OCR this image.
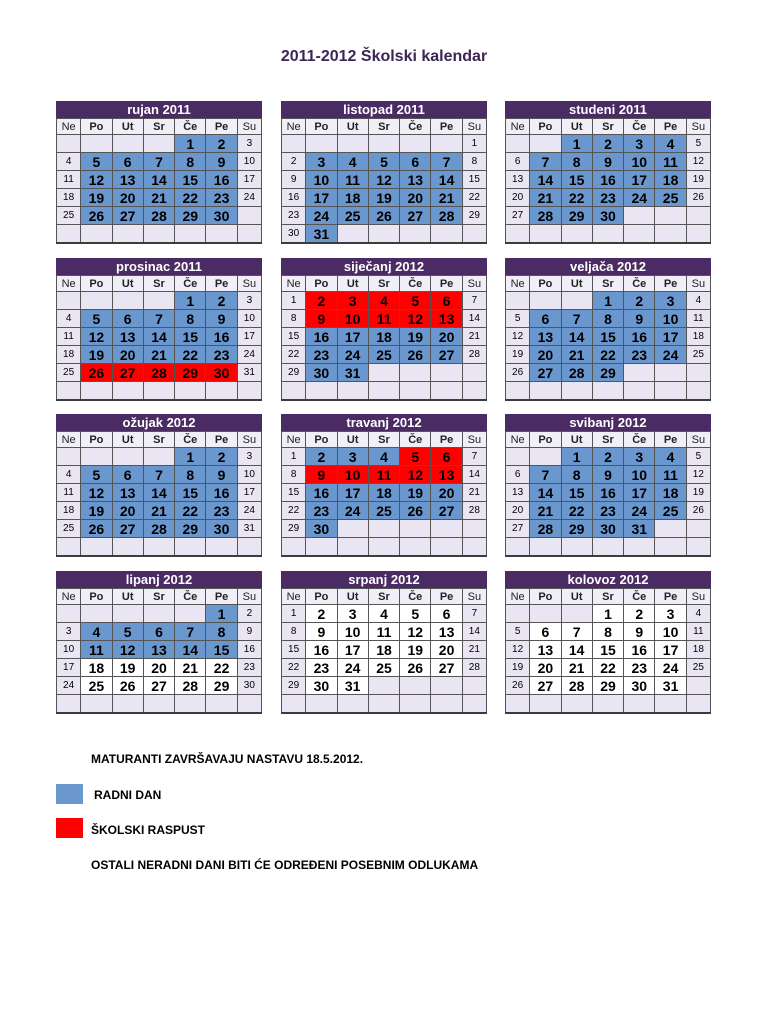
2011-2012 Školski kalendar
rujan 2011
Ne	Po	Ut	Sr	Če	Pe	Su
				1	2	3
4	5	6	7	8	9	10
11	12	13	14	15	16	17
18	19	20	21	22	23	24
25	26	27	28	29	30	

listopad 2011
Ne	Po	Ut	Sr	Če	Pe	Su
						1
2	3	4	5	6	7	8
9	10	11	12	13	14	15
16	17	18	19	20	21	22
23	24	25	26	27	28	29
30	31					
studeni 2011
Ne	Po	Ut	Sr	Če	Pe	Su
		1	2	3	4	5
6	7	8	9	10	11	12
13	14	15	16	17	18	19
20	21	22	23	24	25	26
27	28	29	30			

prosinac 2011
Ne	Po	Ut	Sr	Če	Pe	Su
				1	2	3
4	5	6	7	8	9	10
11	12	13	14	15	16	17
18	19	20	21	22	23	24
25	26	27	28	29	30	31

siječanj 2012
Ne	Po	Ut	Sr	Če	Pe	Su
1	2	3	4	5	6	7
8	9	10	11	12	13	14
15	16	17	18	19	20	21
22	23	24	25	26	27	28
29	30	31				

veljača 2012
Ne	Po	Ut	Sr	Če	Pe	Su
			1	2	3	4
5	6	7	8	9	10	11
12	13	14	15	16	17	18
19	20	21	22	23	24	25
26	27	28	29			

ožujak 2012
Ne	Po	Ut	Sr	Če	Pe	Su
				1	2	3
4	5	6	7	8	9	10
11	12	13	14	15	16	17
18	19	20	21	22	23	24
25	26	27	28	29	30	31

travanj 2012
Ne	Po	Ut	Sr	Če	Pe	Su
1	2	3	4	5	6	7
8	9	10	11	12	13	14
15	16	17	18	19	20	21
22	23	24	25	26	27	28
29	30					

svibanj 2012
Ne	Po	Ut	Sr	Če	Pe	Su
		1	2	3	4	5
6	7	8	9	10	11	12
13	14	15	16	17	18	19
20	21	22	23	24	25	26
27	28	29	30	31		

lipanj 2012
Ne	Po	Ut	Sr	Če	Pe	Su
					1	2
3	4	5	6	7	8	9
10	11	12	13	14	15	16
17	18	19	20	21	22	23
24	25	26	27	28	29	30

srpanj 2012
Ne	Po	Ut	Sr	Če	Pe	Su
1	2	3	4	5	6	7
8	9	10	11	12	13	14
15	16	17	18	19	20	21
22	23	24	25	26	27	28
29	30	31				

kolovoz 2012
Ne	Po	Ut	Sr	Če	Pe	Su
			1	2	3	4
5	6	7	8	9	10	11
12	13	14	15	16	17	18
19	20	21	22	23	24	25
26	27	28	29	30	31	

MATURANTI ZAVRŠAVAJU NASTAVU 18.5.2012.
RADNI DAN
ŠKOLSKI RASPUST
OSTALI NERADNI DANI BITI ĆE ODREĐENI POSEBNIM ODLUKAMA
